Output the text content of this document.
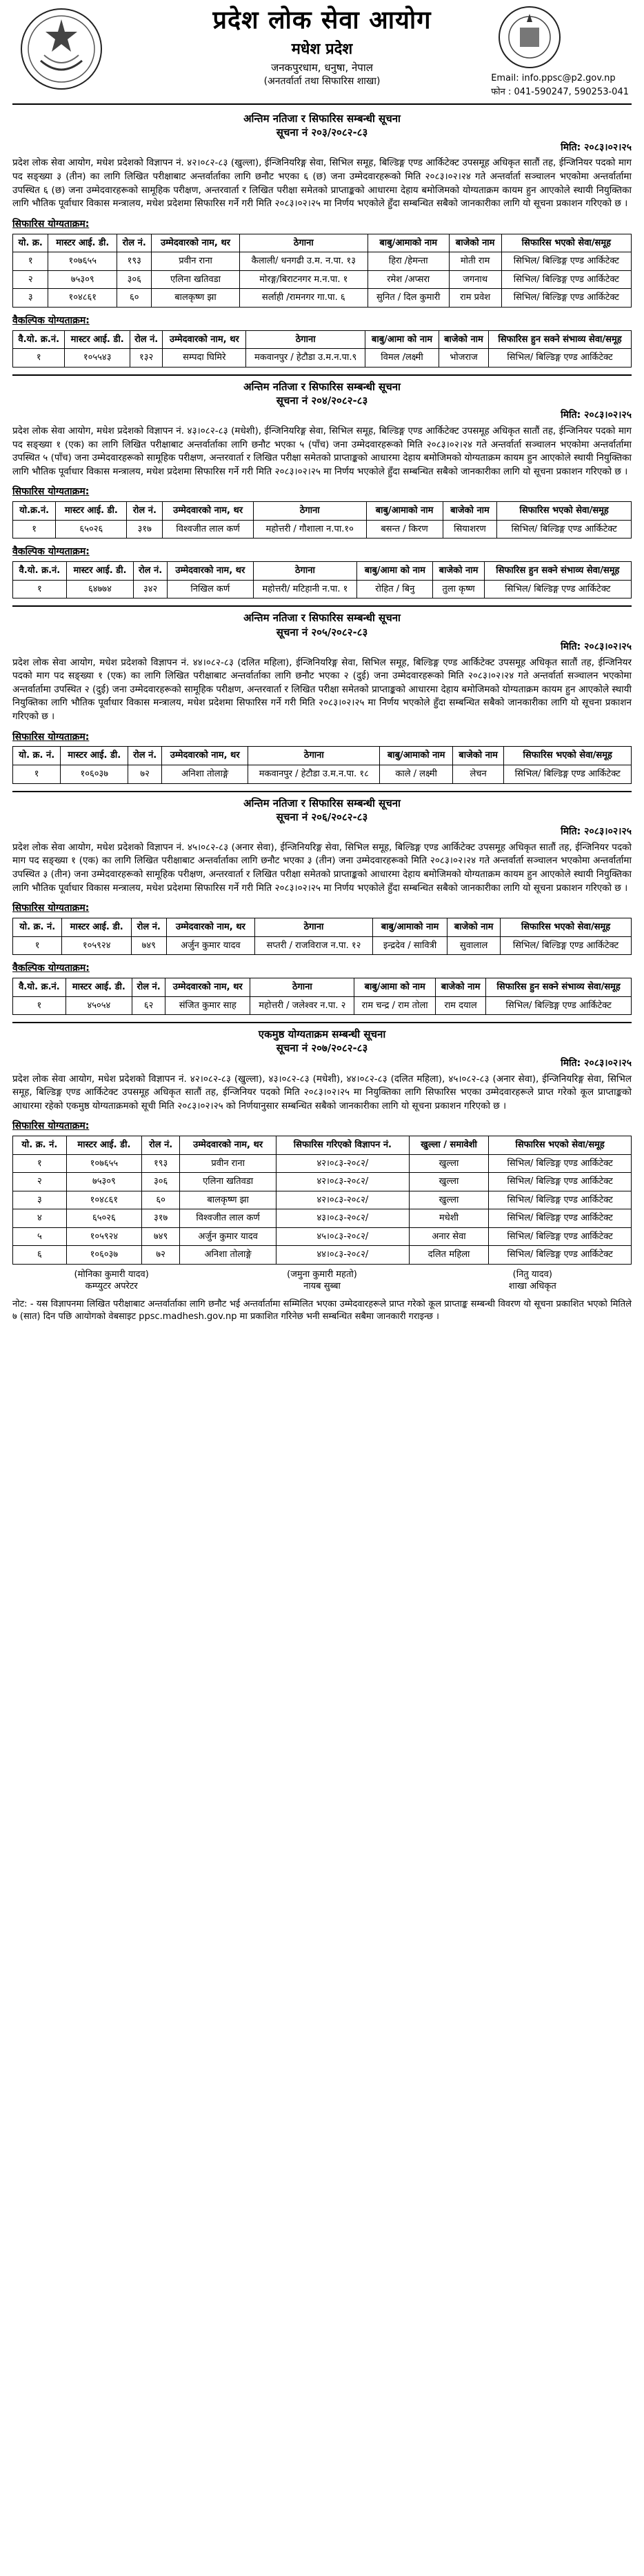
प्रदेश लोक सेवा आयोग
मधेश प्रदेश
जनकपुरधाम, धनुषा, नेपाल
(अनतर्वार्ता तथा सिफारिस शाखा)	Email: info.ppsc@p2.gov.np
फोन : 041-590247, 590253-041
अन्तिम नतिजा र सिफारिस सम्बन्धी सूचना
सूचना नं २०३/२०८२-८३
मिति: २०८३।०२।२५
प्रदेश लोक सेवा आयोग, मधेश प्रदेशको विज्ञापन नं. ४२।०८२-८३ (खुल्ला), ईन्जिनियरिङ्ग सेवा, सिभिल समूह, बिल्डिङ्ग एण्ड आर्किटेक्ट उपसमूह अधिकृत सातौं तह, ईन्जिनियर पदको माग पद सङ्ख्या ३ (तीन) का लागि लिखित परीक्षाबाट अन्तर्वार्ताका लागि छनौट भएका ६ (छ) जना उम्मेदवारहरूको मिति २०८३।०२।२४ गते अन्तर्वार्ता सञ्चालन भएकोमा अन्तर्वार्तामा उपस्थित ६ (छ) जना उम्मेदवारहरूको सामूहिक परीक्षण, अन्तरवार्ता र लिखित परीक्षा समेतको प्राप्ताङ्कको आधारमा देहाय बमोजिमको योग्यताक्रम कायम हुन आएकोले स्थायी नियुक्तिका लागि भौतिक पूर्वाधार विकास मन्त्रालय, मधेश प्रदेशमा सिफारिस गर्ने गरी मिति २०८३।०२।२५ मा निर्णय भएकोले हुँदा सम्बन्धित सबैको जानकारीका लागि यो सूचना प्रकाशन गरिएको छ ।
सिफारिस योग्यताक्रम:
यो. क्र.	मास्टर आई. डी.	रोल नं.	उम्मेदवारको नाम, थर	ठेगाना	बाबु/आमाको नाम	बाजेको नाम	सिफारिस भएको सेवा/समूह
१	१०७६५५	१९३	प्रवीन राना	कैलाली/ धनगढी उ.म. न.पा. १३	हिरा /हेमन्ता	मोती राम	सिभिल/ बिल्डिङ्ग एण्ड आर्किटेक्ट
२	७५३०९	३०६	एलिना खतिवडा	मोरङ्ग/बिराटनगर म.न.पा. १	रमेश /अप्सरा	जगनाथ	सिभिल/ बिल्डिङ्ग एण्ड आर्किटेक्ट
३	१०४८६१	६०	बालकृष्ण झा	सर्लाही /रामनगर गा.पा. ६	सुनित / दिल कुमारी	राम प्रवेश	सिभिल/ बिल्डिङ्ग एण्ड आर्किटेक्ट
वैकल्पिक योग्यताक्रम:
वै.यो. क्र.नं.	मास्टर आई. डी.	रोल नं.	उम्मेदवारको नाम, थर	ठेगाना	बाबु/आमा को नाम	बाजेको नाम	सिफारिस हुन सक्ने संभाव्य सेवा/समूह
१	१०५५४३	१३२	सम्पदा घिमिरे	मकवानपुर / हेटौडा उ.म.न.पा.९	विमल /लक्ष्मी	भोजराज	सिभिल/ बिल्डिङ्ग एण्ड आर्किटेक्ट
अन्तिम नतिजा र सिफारिस सम्बन्धी सूचना
सूचना नं २०४/२०८२-८३
मिति: २०८३।०२।२५
प्रदेश लोक सेवा आयोग, मधेश प्रदेशको विज्ञापन नं. ४३।०८२-८३ (मधेशी), ईन्जिनियरिङ्ग सेवा, सिभिल समूह, बिल्डिङ्ग एण्ड आर्किटेक्ट उपसमूह अधिकृत सातौं तह, ईन्जिनियर पदको माग पद सङ्ख्या १ (एक) का लागि लिखित परीक्षाबाट अन्तर्वार्ताका लागि छनौट भएका ५ (पाँच) जना उम्मेदवारहरूको मिति २०८३।०२।२४ गते अन्तर्वार्ता सञ्चालन भएकोमा अन्तर्वार्तामा उपस्थित ५ (पाँच) जना उम्मेदवारहरूको सामूहिक परीक्षण, अन्तरवार्ता र लिखित परीक्षा समेतको प्राप्ताङ्कको आधारमा देहाय बमोजिमको योग्यताक्रम कायम हुन आएकोले स्थायी नियुक्तिका लागि भौतिक पूर्वाधार विकास मन्त्रालय, मधेश प्रदेशमा सिफारिस गर्ने गरी मिति २०८३।०२।२५ मा निर्णय भएकोले हुँदा सम्बन्धित सबैको जानकारीका लागि यो सूचना प्रकाशन गरिएको छ ।
सिफारिस योग्यताक्रम:
यो.क्र.नं.	मास्टर आई. डी.	रोल नं.	उम्मेदवारको नाम, थर	ठेगाना	बाबु/आमाको नाम	बाजेको नाम	सिफारिस भएको सेवा/समूह
१	६५०२६	३१७	विश्वजीत लाल कर्ण	महोत्तरी / गौशाला न.पा.१०	बसन्त / किरण	सियाशरण	सिभिल/ बिल्डिङ्ग एण्ड आर्किटेक्ट
वैकल्पिक योग्यताक्रम:
वै.यो. क्र.नं.	मास्टर आई. डी.	रोल नं.	उम्मेदवारको नाम, थर	ठेगाना	बाबु/आमा को नाम	बाजेको नाम	सिफारिस हुन सक्ने संभाव्य सेवा/समूह
१	६४७७४	३४२	निखिल कर्ण	महोत्तरी/ मटिहानी न.पा. १	रोहित / बिनु	तुला कृष्ण	सिभिल/ बिल्डिङ्ग एण्ड आर्किटेक्ट
अन्तिम नतिजा र सिफारिस सम्बन्धी सूचना
सूचना नं २०५/२०८२-८३
मिति: २०८३।०२।२५
प्रदेश लोक सेवा आयोग, मधेश प्रदेशको विज्ञापन नं. ४४।०८२-८३ (दलित महिला), ईन्जिनियरिङ्ग सेवा, सिभिल समूह, बिल्डिङ्ग एण्ड आर्किटेक्ट उपसमूह अधिकृत सातौं तह, ईन्जिनियर पदको माग पद सङ्ख्या १ (एक) का लागि लिखित परीक्षाबाट अन्तर्वार्ताका लागि छनौट भएका २ (दुई) जना उम्मेदवारहरूको मिति २०८३।०२।२४ गते अन्तर्वार्ता सञ्चालन भएकोमा अन्तर्वार्तामा उपस्थित २ (दुई) जना उम्मेदवारहरूको सामूहिक परीक्षण, अन्तरवार्ता र लिखित परीक्षा समेतको प्राप्ताङ्कको आधारमा देहाय बमोजिमको योग्यताक्रम कायम हुन आएकोले स्थायी नियुक्तिका लागि भौतिक पूर्वाधार विकास मन्त्रालय, मधेश प्रदेशमा सिफारिस गर्ने गरी मिति २०८३।०२।२५ मा निर्णय भएकोले हुँदा सम्बन्धित सबैको जानकारीका लागि यो सूचना प्रकाशन गरिएको छ ।
सिफारिस योग्यताक्रम:
यो. क्र. नं.	मास्टर आई. डी.	रोल नं.	उम्मेदवारको नाम, थर	ठेगाना	बाबु/आमाको नाम	बाजेको नाम	सिफारिस भएको सेवा/समूह
१	१०६०३७	७२	अनिशा तोलाङ्गे	मकवानपुर / हेटौडा उ.म.न.पा. १८	काले / लक्ष्मी	लेचन	सिभिल/ बिल्डिङ्ग एण्ड आर्किटेक्ट
अन्तिम नतिजा र सिफारिस सम्बन्धी सूचना
सूचना नं २०६/२०८२-८३
मिति: २०८३।०२।२५
प्रदेश लोक सेवा आयोग, मधेश प्रदेशको विज्ञापन नं. ४५।०८२-८३ (अनार सेवा), ईन्जिनियरिङ्ग सेवा, सिभिल समूह, बिल्डिङ्ग एण्ड आर्किटेक्ट उपसमूह अधिकृत सातौं तह, ईन्जिनियर पदको माग पद सङ्ख्या १ (एक) का लागि लिखित परीक्षाबाट अन्तर्वार्ताका लागि छनौट भएका ३ (तीन) जना उम्मेदवारहरूको मिति २०८३।०२।२४ गते अन्तर्वार्ता सञ्चालन भएकोमा अन्तर्वार्तामा उपस्थित ३ (तीन) जना उम्मेदवारहरूको सामूहिक परीक्षण, अन्तरवार्ता र लिखित परीक्षा समेतको प्राप्ताङ्कको आधारमा देहाय बमोजिमको योग्यताक्रम कायम हुन आएकोले स्थायी नियुक्तिका लागि भौतिक पूर्वाधार विकास मन्त्रालय, मधेश प्रदेशमा सिफारिस गर्ने गरी मिति २०८३।०२।२५ मा निर्णय भएकोले हुँदा सम्बन्धित सबैको जानकारीका लागि यो सूचना प्रकाशन गरिएको छ ।
सिफारिस योग्यताक्रम:
यो. क्र. नं.	मास्टर आई. डी.	रोल नं.	उम्मेदवारको नाम, थर	ठेगाना	बाबु/आमाको नाम	बाजेको नाम	सिफारिस भएको सेवा/समूह
१	१०५९२४	७४९	अर्जुन कुमार यादव	सप्तरी / राजविराज न.पा. १२	इन्द्रदेव / सावित्री	सुवालाल	सिभिल/ बिल्डिङ्ग एण्ड आर्किटेक्ट
वैकल्पिक योग्यताक्रम:
वै.यो. क्र.नं.	मास्टर आई. डी.	रोल नं.	उम्मेदवारको नाम, थर	ठेगाना	बाबु/आमा को नाम	बाजेको नाम	सिफारिस हुन सक्ने संभाव्य सेवा/समूह
१	४५०५४	६२	संजित कुमार साह	महोत्तरी / जलेश्वर न.पा. २	राम चन्द्र / राम तोला	राम दयाल	सिभिल/ बिल्डिङ्ग एण्ड आर्किटेक्ट
एकमुष्ठ योग्यताक्रम सम्बन्धी सूचना
सूचना नं २०७/२०८२-८३
मिति: २०८३।०२।२५
प्रदेश लोक सेवा आयोग, मधेश प्रदेशको विज्ञापन नं. ४२।०८२-८३ (खुल्ला), ४३।०८२-८३ (मधेशी), ४४।०८२-८३ (दलित महिला), ४५।०८२-८३ (अनार सेवा), ईन्जिनियरिङ्ग सेवा, सिभिल समूह, बिल्डिङ्ग एण्ड आर्किटेक्ट उपसमूह अधिकृत सातौं तह, ईन्जिनियर पदको मिति २०८३।०२।२५ मा नियुक्तिका लागि सिफारिस भएका उम्मेदवारहरूले प्राप्त गरेको कूल प्राप्ताङ्कको आधारमा रहेको एकमुष्ठ योग्यताक्रमको सूची मिति २०८३।०२।२५ को निर्णयानुसार सम्बन्धित सबैको जानकारीका लागि यो सूचना प्रकाशन गरिएको छ ।
सिफारिस योग्यताक्रम:
यो. क्र. नं.	मास्टर आई. डी.	रोल नं.	उम्मेदवारको नाम, थर	सिफारिस गरिएको विज्ञापन नं.	खुल्ला / समावेशी	सिफारिस भएको सेवा/समूह
१	१०७६५५	१९३	प्रवीन राना	४२।०८३-२०८२/	खुल्ला	सिभिल/ बिल्डिङ्ग एण्ड आर्किटेक्ट
२	७५३०९	३०६	एलिना खतिवडा	४२।०८३-२०८२/	खुल्ला	सिभिल/ बिल्डिङ्ग एण्ड आर्किटेक्ट
३	१०४८६१	६०	बालकृष्ण झा	४२।०८३-२०८२/	खुल्ला	सिभिल/ बिल्डिङ्ग एण्ड आर्किटेक्ट
४	६५०२६	३१७	विश्वजीत लाल कर्ण	४३।०८३-२०८२/	मधेशी	सिभिल/ बिल्डिङ्ग एण्ड आर्किटेक्ट
५	१०५९२४	७४९	अर्जुन कुमार यादव	४५।०८३-२०८२/	अनार सेवा	सिभिल/ बिल्डिङ्ग एण्ड आर्किटेक्ट
६	१०६०३७	७२	अनिशा तोलाङ्गे	४४।०८३-२०८२/	दलित महिला	सिभिल/ बिल्डिङ्ग एण्ड आर्किटेक्ट
(मोनिका कुमारी यादव)
कम्प्युटर अपरेटर
(जमुना कुमारी महतो)
नायब सुब्बा
(नितु यादव)
शाखा अधिकृत
नोट: - यस विज्ञापनमा लिखित परीक्षाबाट अन्तर्वार्ताका लागि छनौट भई अन्तर्वार्तामा सम्मिलित भएका उम्मेदवारहरूले प्राप्त गरेको कूल प्राप्ताङ्क सम्बन्धी विवरण यो सूचना प्रकाशित भएको मितिले ७ (सात) दिन पछि आयोगको वेबसाइट ppsc.madhesh.gov.np मा प्रकाशित गरिनेछ भनी सम्बन्धित सबैमा जानकारी गराइन्छ ।
